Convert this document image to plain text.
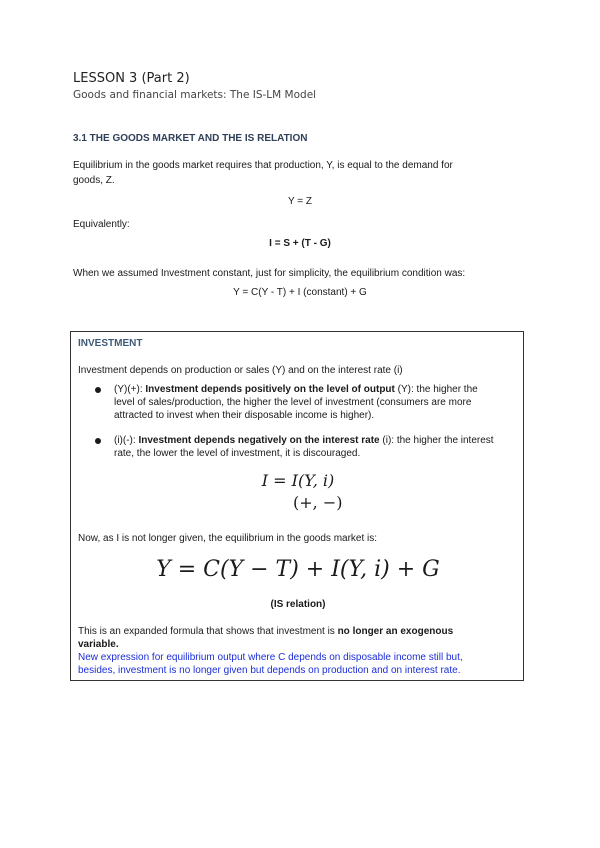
LESSON 3 (Part 2)
Goods and financial markets: The IS-LM Model
3.1 THE GOODS MARKET AND THE IS RELATION
Equilibrium in the goods market requires that production, Y, is equal to the demand for
goods, Z.
Y = Z
Equivalently:
I = S + (T - G)
When we assumed Investment constant, just for simplicity, the equilibrium condition was:
Y = C(Y - T) + I (constant) + G
INVESTMENT
Investment depends on production or sales (Y) and on the interest rate (i)
(Y)(+): Investment depends positively on the level of output (Y): the higher the
level of sales/production, the higher the level of investment (consumers are more
attracted to invest when their disposable income is higher).
(i)(-): Investment depends negatively on the interest rate (i): the higher the interest
rate, the lower the level of investment, it is discouraged.
I = I(Y, i)
(+, −)
Now, as I is not longer given, the equilibrium in the goods market is:
Y = C(Y − T) + I(Y, i) + G
(IS relation)
This is an expanded formula that shows that investment is no longer an exogenous
variable.
New expression for equilibrium output where C depends on disposable income still but,
besides, investment is no longer given but depends on production and on interest rate.
